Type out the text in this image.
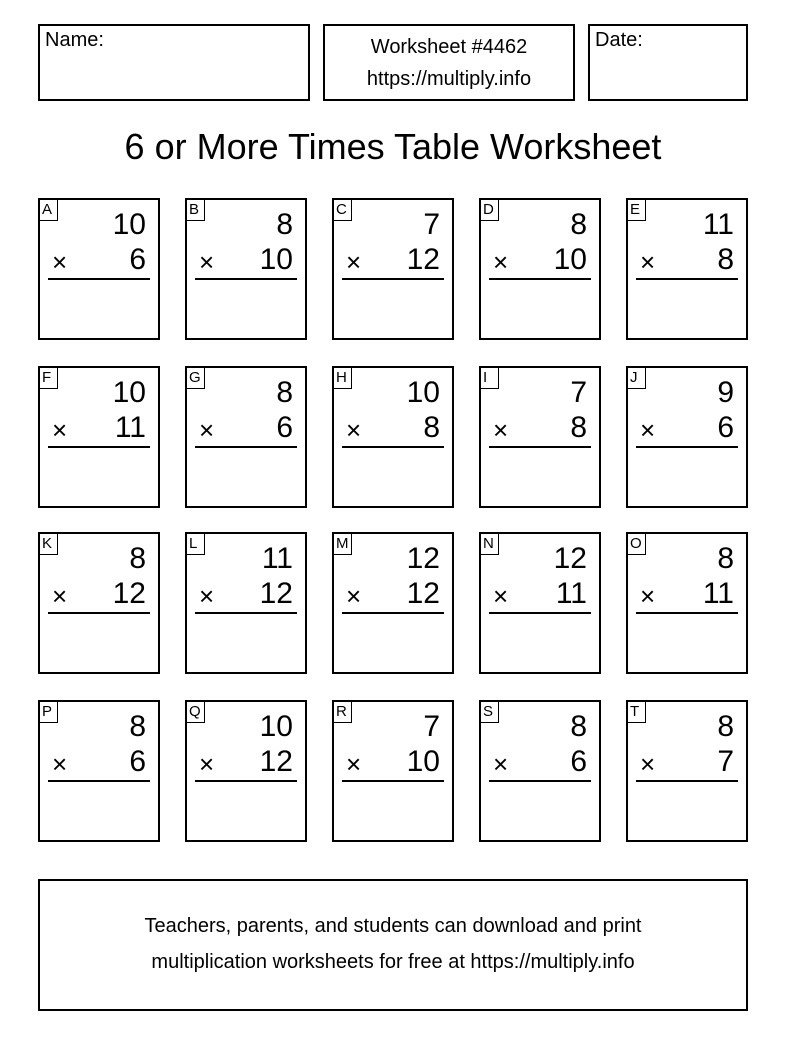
Name:	Worksheet #4462
https://multiply.info
Date:
6 or More Times Table Worksheet
A 10
× 6
B	8
× 10
C	7
× 12
D	8
× 10
E 11
× 8
F 10
× 11
G	8
× 6
H 10
× 8
I	7
× 8
J	9
× 6
K	8
× 12
L 11
× 12
M 12
× 12
N 12
× 11
O	8
× 11
P	8
× 6
Q 10
× 12
R	7
× 10
S	8
× 6
T	8
× 7
Teachers, parents, and students can download and print
multiplication worksheets for free at https://multiply.info
